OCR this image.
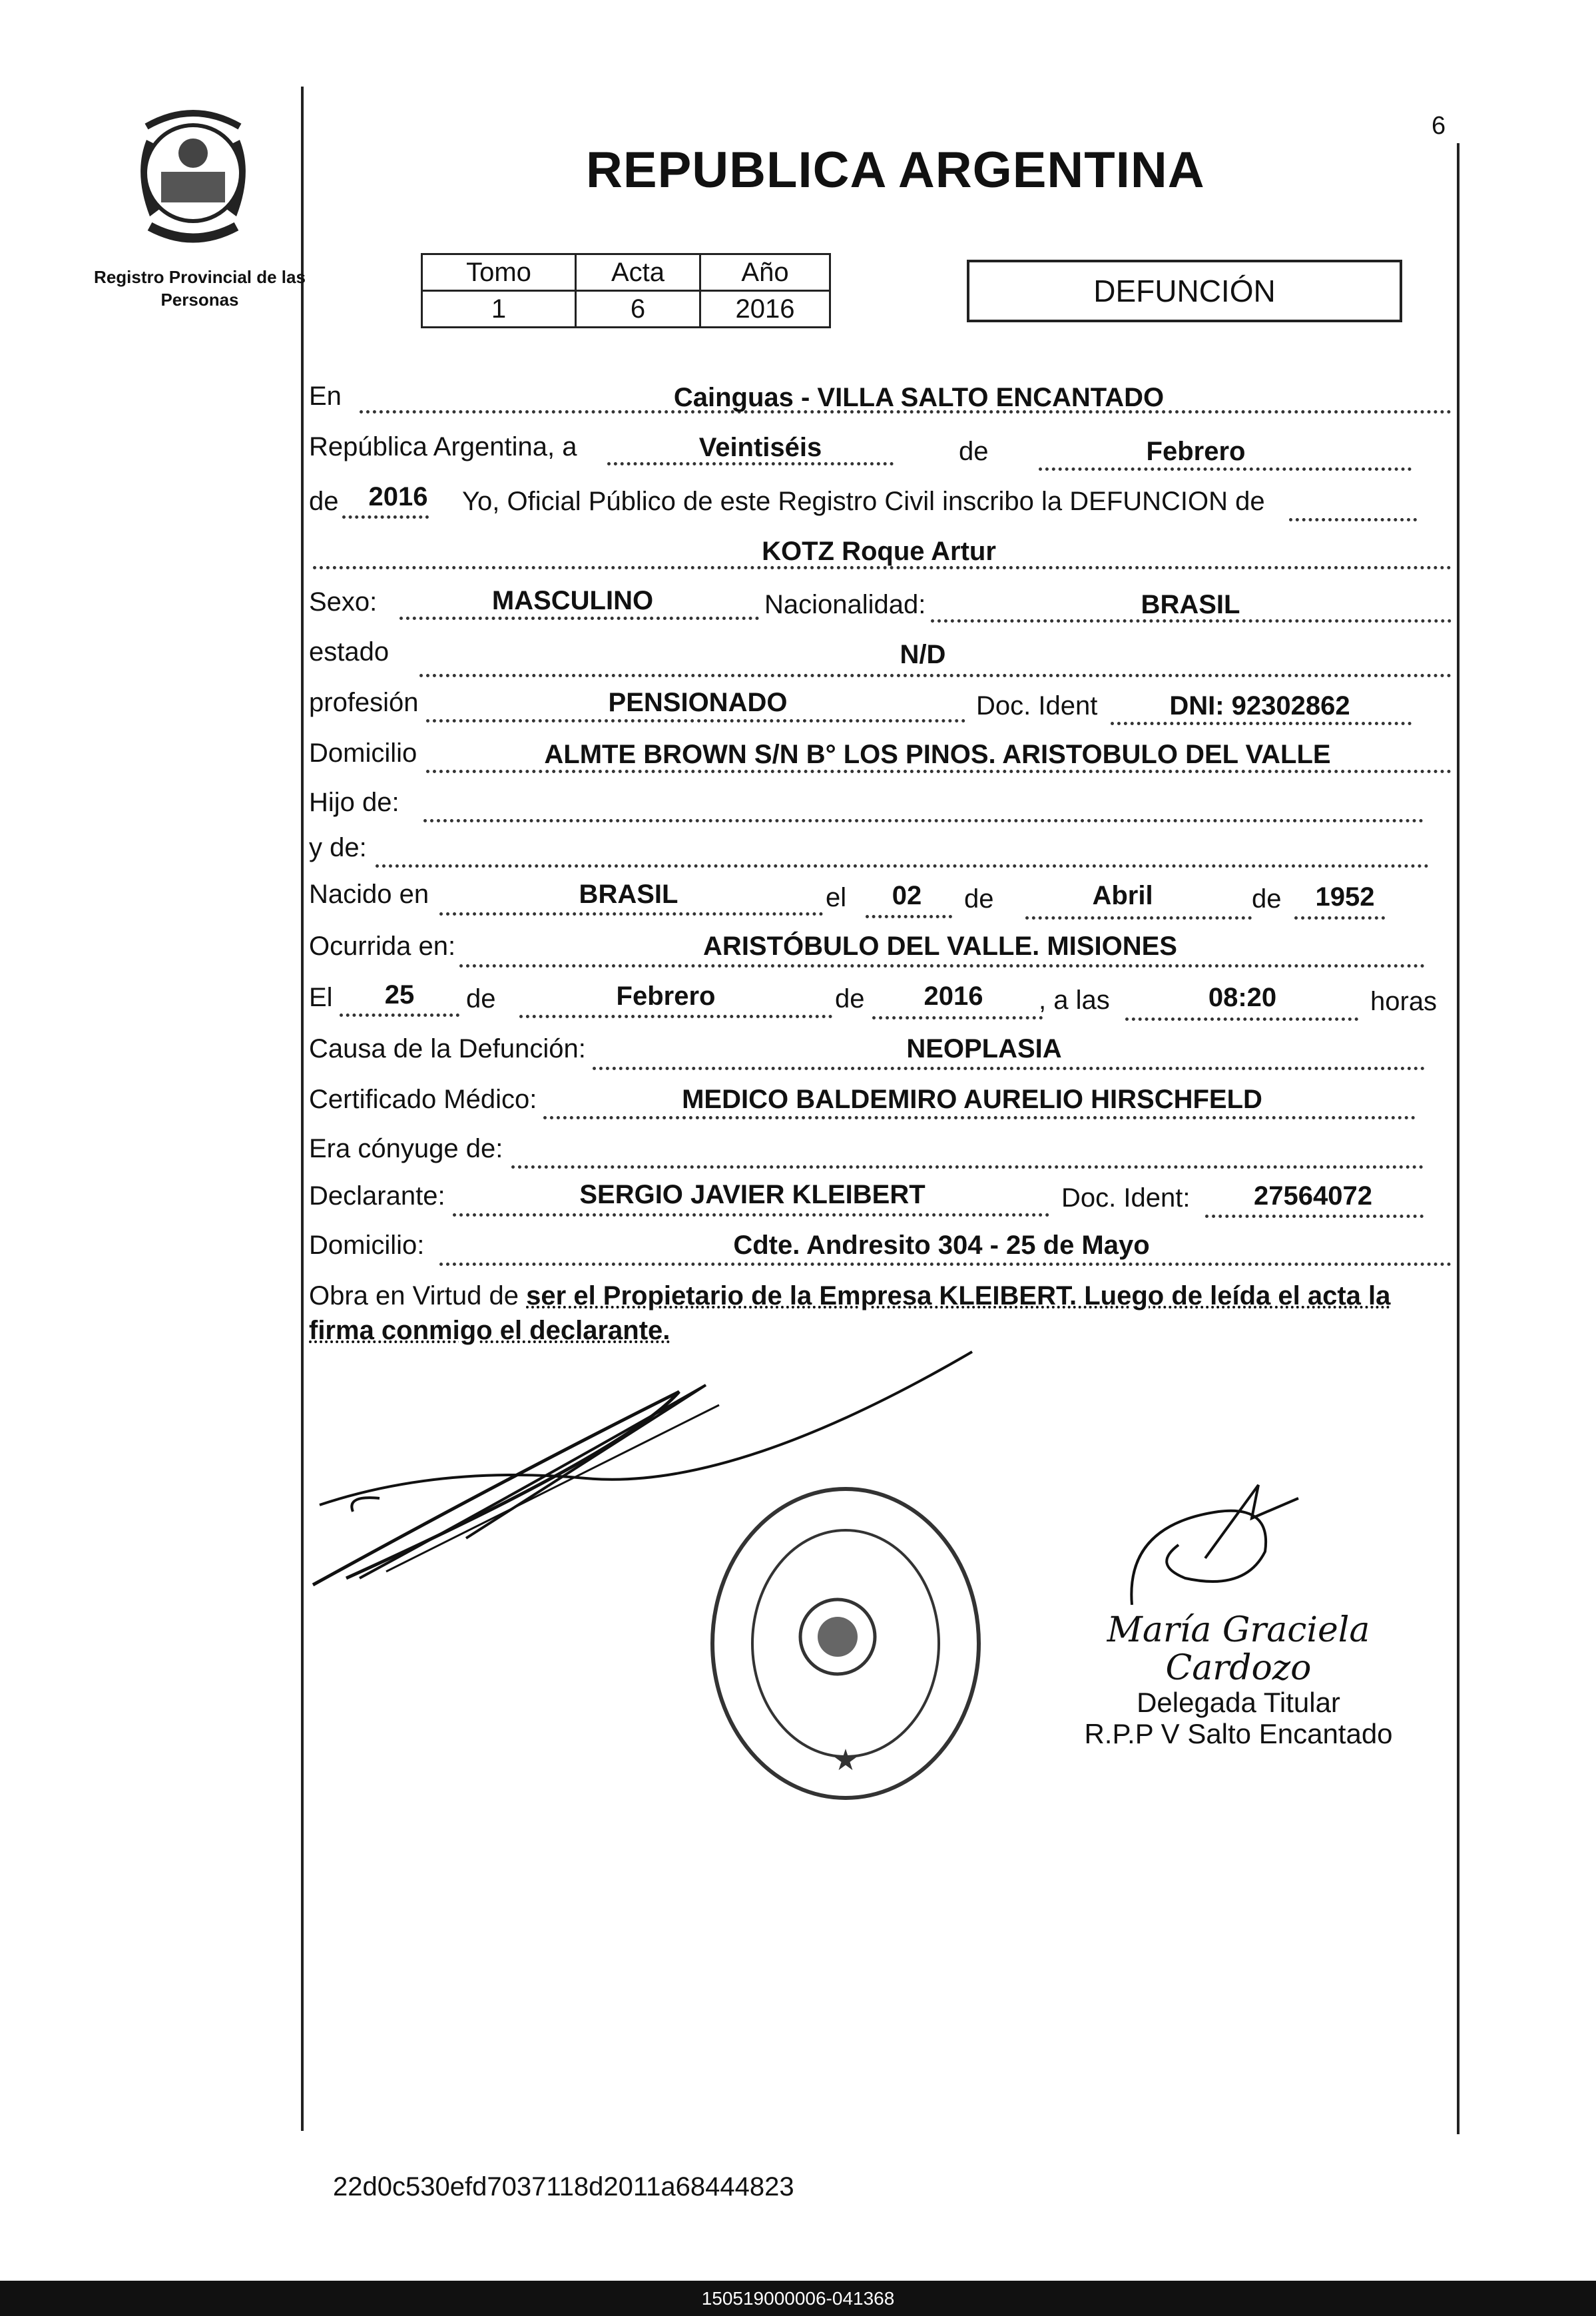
6
Registro Provincial de las Personas
REPUBLICA ARGENTINA
Tomo	Acta	Año
1	6	2016
DEFUNCIÓN
En	Cainguas - VILLA SALTO ENCANTADO
República Argentina, a	Veintiséis	de	Febrero
de 2016 Yo, Oficial Público de este Registro Civil inscribo la DEFUNCION de
KOTZ Roque Artur
Sexo:	MASCULINO	Nacionalidad:	BRASIL
estado	N/D
profesión	PENSIONADO	Doc. Ident	DNI: 92302862
Domicilio	ALMTE BROWN S/N B° LOS PINOS. ARISTOBULO DEL VALLE
Hijo de:
y de:
Nacido en	BRASIL	el 02 de	Abril	de 1952
Ocurrida en:	ARISTÓBULO DEL VALLE. MISIONES
El 25 de	Febrero	de 2016 , a las	08:20	horas
Causa de la Defunción:	NEOPLASIA
Certificado Médico:	MEDICO BALDEMIRO AURELIO HIRSCHFELD
Era cónyuge de:
Declarante:	SERGIO JAVIER KLEIBERT	Doc. Ident: 27564072
Domicilio:	Cdte. Andresito 304 - 25 de Mayo
Obra en Virtud de ser el Propietario de la Empresa KLEIBERT. Luego de leída el acta la firma conmigo el declarante.
★
María Graciela Cardozo
Delegada Titular
R.P.P V Salto Encantado
22d0c530efd7037118d2011a68444823
150519000006-041368
